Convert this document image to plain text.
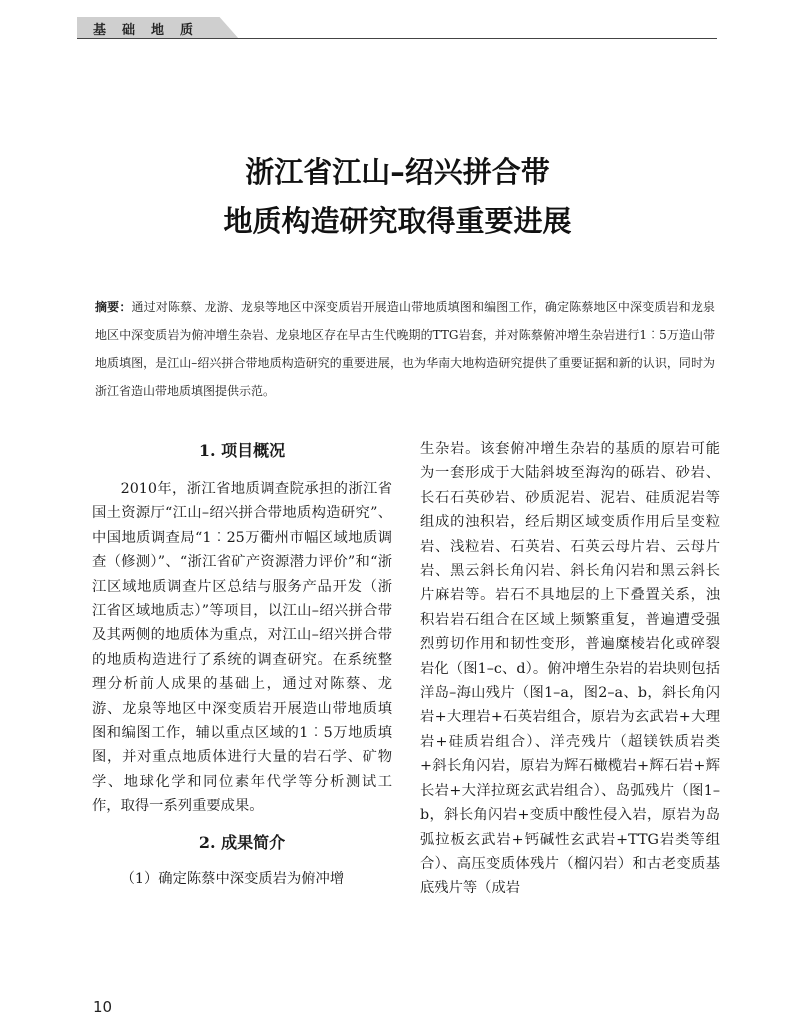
基础地质
浙江省江山–绍兴拼合带
地质构造研究取得重要进展
摘要：通过对陈蔡、龙游、龙泉等地区中深变质岩开展造山带地质填图和编图工作，确定陈蔡地区中深变质岩和龙泉地区中深变质岩为俯冲增生杂岩、龙泉地区存在早古生代晚期的TTG岩套，并对陈蔡俯冲增生杂岩进行1︰5万造山带地质填图，是江山–绍兴拼合带地质构造研究的重要进展，也为华南大地构造研究提供了重要证据和新的认识，同时为浙江省造山带地质填图提供示范。

1. 项目概况

2010年，浙江省地质调查院承担的浙江省国土资源厅“江山–绍兴拼合带地质构造研究”、中国地质调查局“1︰25万衢州市幅区域地质调查（修测）”、“浙江省矿产资源潜力评价”和“浙江区域地质调查片区总结与服务产品开发（浙江省区域地质志）”等项目，以江山–绍兴拼合带及其两侧的地质体为重点，对江山–绍兴拼合带的地质构造进行了系统的调查研究。在系统整理分析前人成果的基础上，通过对陈蔡、龙游、龙泉等地区中深变质岩开展造山带地质填图和编图工作，辅以重点区域的1︰5万地质填图，并对重点地质体进行大量的岩石学、矿物学、地球化学和同位素年代学等分析测试工作，取得一系列重要成果。

2. 成果简介

（1）确定陈蔡中深变质岩为俯冲增

生杂岩。该套俯冲增生杂岩的基质的原岩可能为一套形成于大陆斜坡至海沟的砾岩、砂岩、长石石英砂岩、砂质泥岩、泥岩、硅质泥岩等组成的浊积岩，经后期区域变质作用后呈变粒岩、浅粒岩、石英岩、石英云母片岩、云母片岩、黑云斜长角闪岩、斜长角闪岩和黑云斜长片麻岩等。岩石不具地层的上下叠置关系，浊积岩岩石组合在区域上频繁重复，普遍遭受强烈剪切作用和韧性变形，普遍糜棱岩化或碎裂岩化（图1–c、d）。俯冲增生杂岩的岩块则包括洋岛–海山残片（图1–a，图2–a、b，斜长角闪岩+大理岩+石英岩组合，原岩为玄武岩+大理岩+硅质岩组合）、洋壳残片（超镁铁质岩类+斜长角闪岩，原岩为辉石橄榄岩+辉石岩+辉长岩+大洋拉斑玄武岩组合）、岛弧残片（图1–b，斜长角闪岩+变质中酸性侵入岩，原岩为岛弧拉板玄武岩+钙碱性玄武岩+TTG岩类等组合）、高压变质体残片（榴闪岩）和古老变质基底残片等（成岩

10
